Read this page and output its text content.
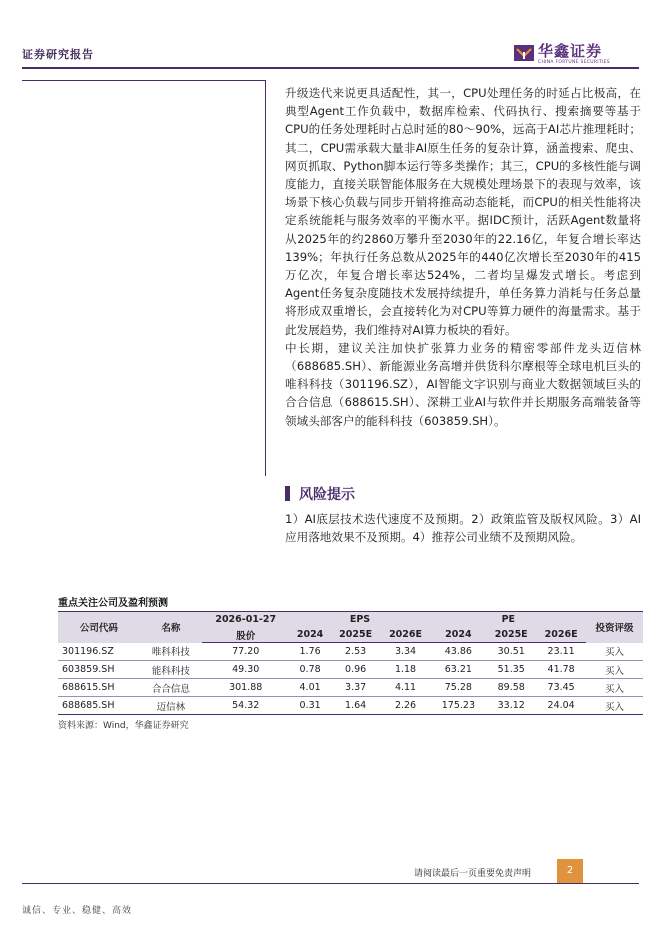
证券研究报告	华鑫证券
CHINA FORTUNE SECURITIES

升级迭代来说更具适配性，其一，CPU处理任务的时延占比极高，在典型Agent工作负载中，数据库检索、代码执行、搜索摘要等基于CPU的任务处理耗时占总时延的80～90%，远高于AI芯片推理耗时；其二，CPU需承载大量非AI原生任务的复杂计算，涵盖搜索、爬虫、网页抓取、Python脚本运行等多类操作；其三，CPU的多核性能与调度能力，直接关联智能体服务在大规模处理场景下的表现与效率，该场景下核心负载与同步开销将推高动态能耗，而CPU的相关性能将决定系统能耗与服务效率的平衡水平。据IDC预计，活跃Agent数量将从2025年的约2860万攀升至2030年的22.16亿，年复合增长率达139%；年执行任务总数从2025年的440亿次增长至2030年的415万亿次，年复合增长率达524%，二者均呈爆发式增长。考虑到Agent任务复杂度随技术发展持续提升，单任务算力消耗与任务总量将形成双重增长，会直接转化为对CPU等算力硬件的海量需求。基于此发展趋势，我们维持对AI算力板块的看好。

中长期，建议关注加快扩张算力业务的精密零部件龙头迈信林（688685.SH）、新能源业务高增并供货科尔摩根等全球电机巨头的唯科科技（301196.SZ），AI智能文字识别与商业大数据领域巨头的合合信息（688615.SH）、深耕工业AI与软件并长期服务高端装备等领域头部客户的能科科技（603859.SH）。

风险提示
1）AI底层技术迭代速度不及预期。2）政策监管及版权风险。3）AI应用落地效果不及预期。4）推荐公司业绩不及预期风险。
重点关注公司及盈利预测
公司代码	名称	2026-01-27	EPS			PE			投资评级
		股价	2024	2025E	2026E	2024	2025E	2026E	
301196.SZ	唯科科技	77.20	1.76	2.53	3.34	43.86	30.51	23.11	买入
603859.SH	能科科技	49.30	0.78	0.96	1.18	63.21	51.35	41.78	买入
688615.SH	合合信息	301.88	4.01	3.37	4.11	75.28	89.58	73.45	买入
688685.SH	迈信林	54.32	0.31	1.64	2.26	175.23	33.12	24.04	买入
资料来源：Wind，华鑫证券研究
请阅读最后一页重要免责声明	2
诚信、专业、稳健、高效
